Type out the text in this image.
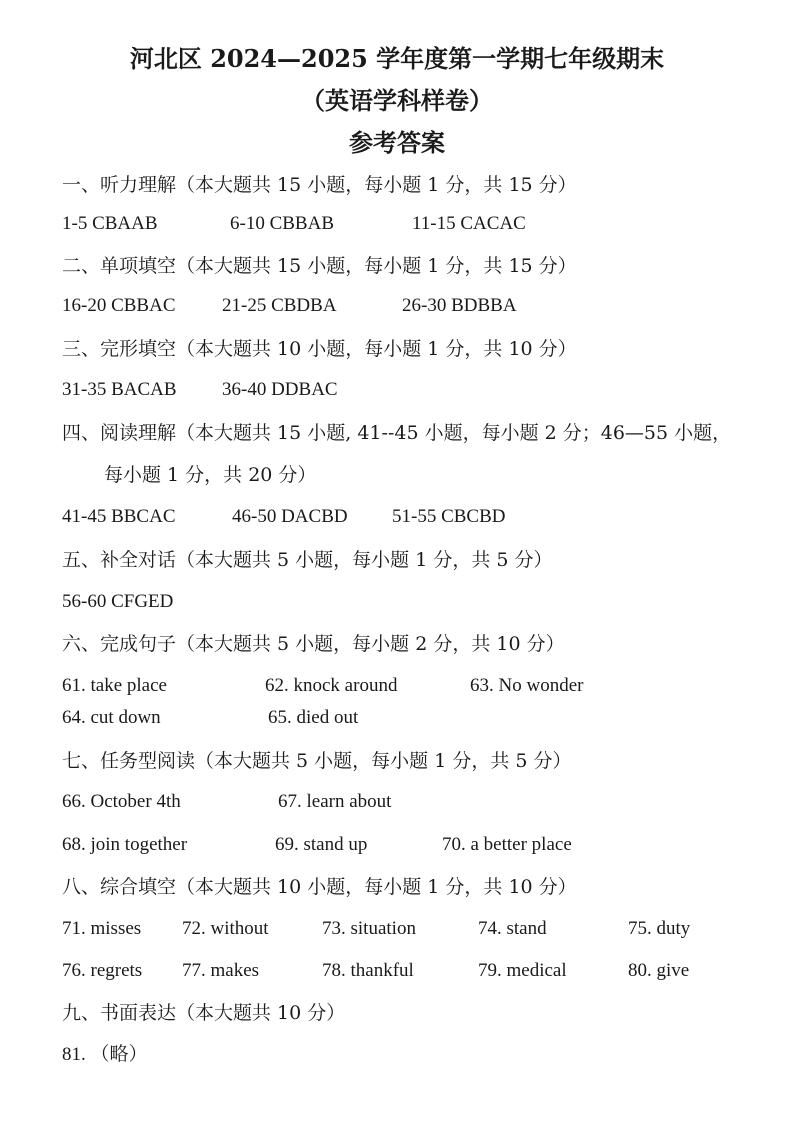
河北区 2024—2025 学年度第一学期七年级期末
（英语学科样卷）
参考答案
一、听力理解（本大题共 15 小题，每小题 1 分，共 15 分）
1-5 CBAAB	6-10 CBBAB	11-15 CACAC
二、单项填空（本大题共 15 小题，每小题 1 分，共 15 分）
16-20 CBBAC 21-25 CBDBA	26-30 BDBBA
三、完形填空（本大题共 10 小题，每小题 1 分，共 10 分）
31-35 BACAB 36-40 DDBAC
四、阅读理解（本大题共 15 小题, 41--45 小题，每小题 2 分；46—55 小题，
每小题 1 分，共 20 分）
41-45 BBCAC	46-50 DACBD 51-55 CBCBD
五、补全对话（本大题共 5 小题，每小题 1 分，共 5 分）
56-60 CFGED
六、完成句子（本大题共 5 小题，每小题 2 分，共 10 分）
61. take place	62. knock around	63. No wonder
64. cut down	65. died out
七、任务型阅读（本大题共 5 小题，每小题 1 分，共 5 分）
66. October 4th	67. learn about
68. join together	69. stand up	70. a better place
八、综合填空（本大题共 10 小题，每小题 1 分，共 10 分）
71. misses 72. without	73. situation	74. stand	75. duty
76. regrets 77. makes	78. thankful	79. medical	80. give
九、书面表达（本大题共 10 分）
81. （略）
